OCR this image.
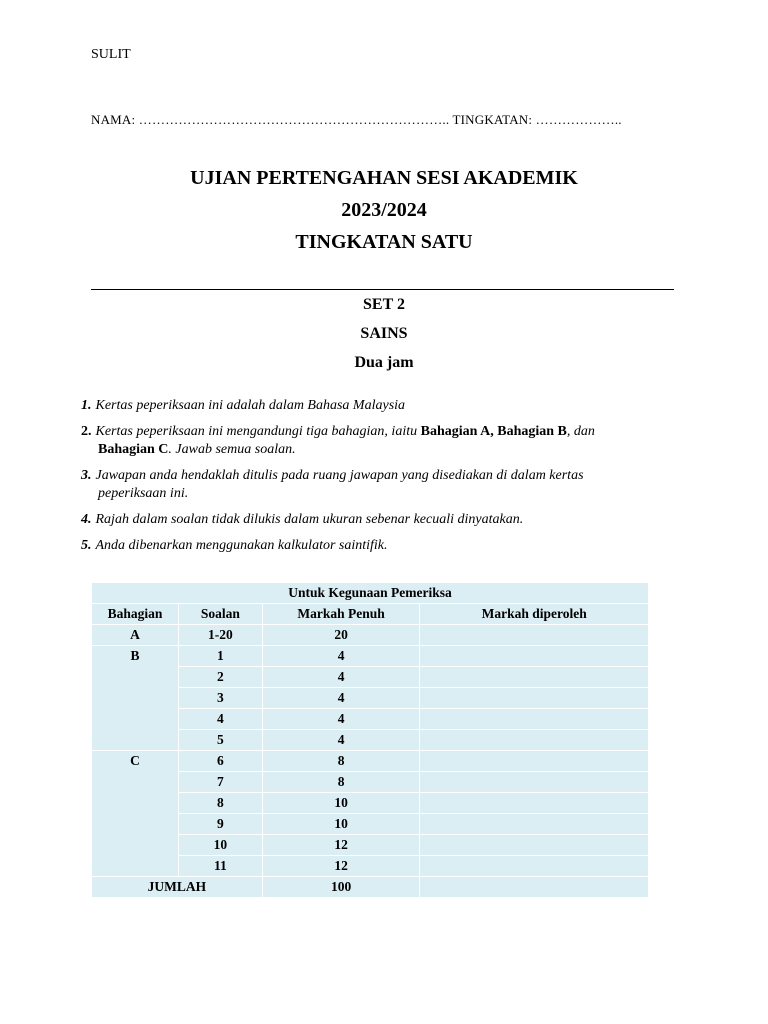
SULIT
NAMA: …………………………………………………………….. TINGKATAN: ………………..
UJIAN PERTENGAHAN SESI AKADEMIK
2023/2024
TINGKATAN SATU
SET 2
SAINS
Dua jam
1. Kertas peperiksaan ini adalah dalam Bahasa Malaysia
2. Kertas peperiksaan ini mengandungi tiga bahagian, iaitu Bahagian A, Bahagian B, dan
Bahagian C. Jawab semua soalan.
3. Jawapan anda hendaklah ditulis pada ruang jawapan yang disediakan di dalam kertas
peperiksaan ini.
4. Rajah dalam soalan tidak dilukis dalam ukuran sebenar kecuali dinyatakan.
5. Anda dibenarkan menggunakan kalkulator saintifik.
Untuk Kegunaan Pemeriksa			
Bahagian	Soalan	Markah Penuh	Markah diperoleh
A	1-20	20	
B	1	4	
	2	4	
	3	4	
	4	4	
	5	4	
C	6	8	
	7	8	
	8	10	
	9	10	
	10	12	
	11	12	
JUMLAH		100	
